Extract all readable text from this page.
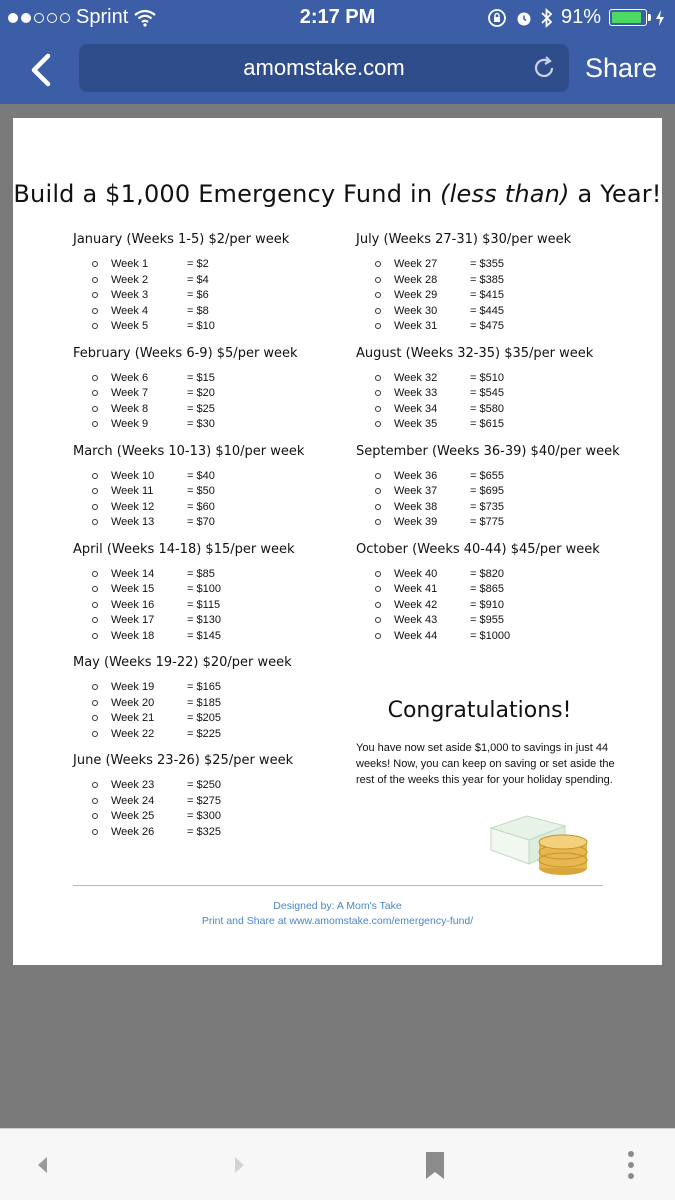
Sprint	2:17 PM	91%
amomstake.com	Share
Build a $1,000 Emergency Fund in (less than) a Year!
January (Weeks 1-5) $2/per week
Week 1	= $2
Week 2	= $4
Week 3	= $6
Week 4	= $8
Week 5	= $10
February (Weeks 6-9) $5/per week
Week 6	= $15
Week 7	= $20
Week 8	= $25
Week 9	= $30
March (Weeks 10-13) $10/per week
Week 10	= $40
Week 11	= $50
Week 12	= $60
Week 13	= $70
April (Weeks 14-18) $15/per week
Week 14	= $85
Week 15	= $100
Week 16	= $115
Week 17	= $130
Week 18	= $145
May (Weeks 19-22) $20/per week
Week 19	= $165
Week 20	= $185
Week 21	= $205
Week 22	= $225
June (Weeks 23-26) $25/per week
Week 23	= $250
Week 24	= $275
Week 25	= $300
Week 26	= $325
July (Weeks 27-31) $30/per week
Week 27	= $355
Week 28	= $385
Week 29	= $415
Week 30	= $445
Week 31	= $475
August (Weeks 32-35) $35/per week
Week 32	= $510
Week 33	= $545
Week 34	= $580
Week 35	= $615
September (Weeks 36-39) $40/per week
Week 36	= $655
Week 37	= $695
Week 38	= $735
Week 39	= $775
October (Weeks 40-44) $45/per week
Week 40	= $820
Week 41	= $865
Week 42	= $910
Week 43	= $955
Week 44	= $1000
Congratulations!
You have now set aside $1,000 to savings in just 44 weeks! Now, you can keep on saving or set aside the rest of the weeks this year for your holiday spending.
Designed by: A Mom's Take
Print and Share at www.amomstake.com/emergency-fund/
